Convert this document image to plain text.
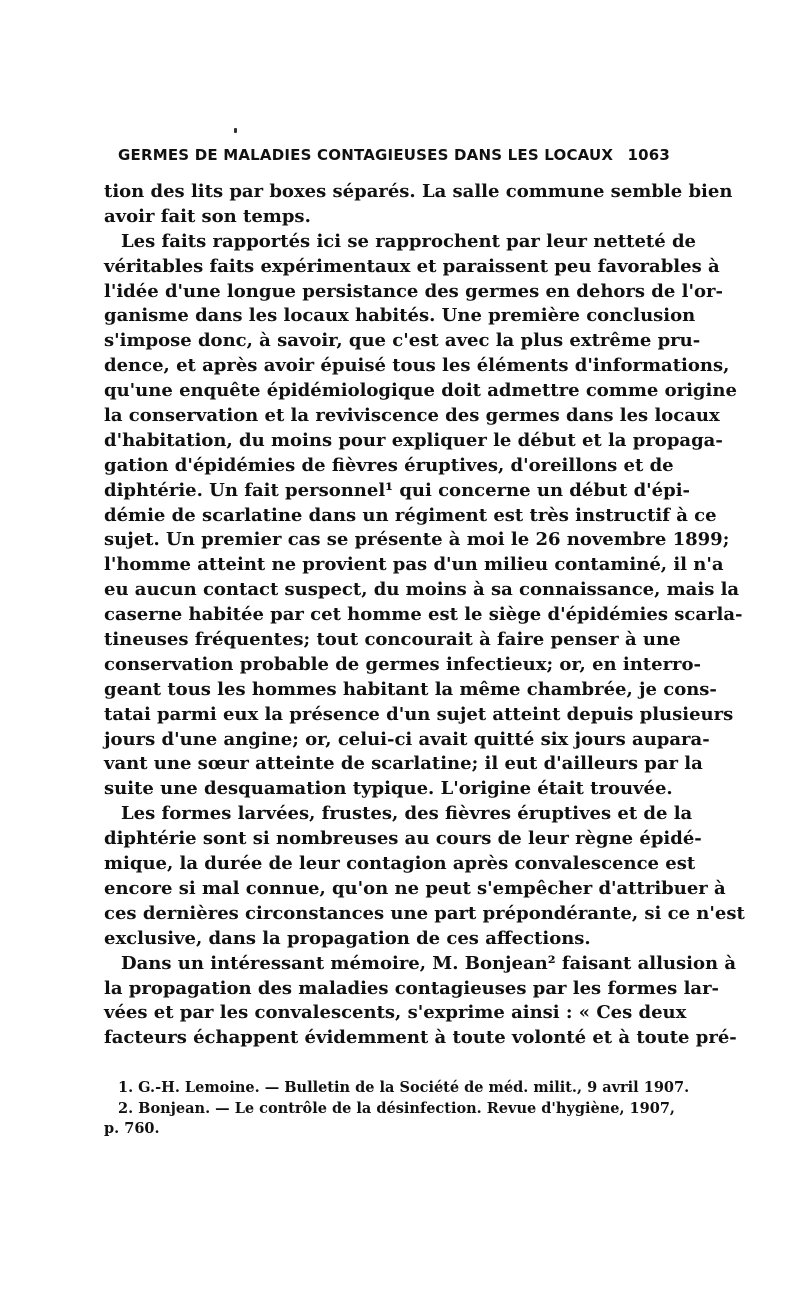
GERMES DE MALADIES CONTAGIEUSES DANS LES LOCAUX 1063
tion des lits par boxes séparés. La salle commune semble bien
avoir fait son temps.
Les faits rapportés ici se rapprochent par leur netteté de
véritables faits expérimentaux et paraissent peu favorables à
l'idée d'une longue persistance des germes en dehors de l'or-
ganisme dans les locaux habités. Une première conclusion
s'impose donc, à savoir, que c'est avec la plus extrême pru-
dence, et après avoir épuisé tous les éléments d'informations,
qu'une enquête épidémiologique doit admettre comme origine
la conservation et la reviviscence des germes dans les locaux
d'habitation, du moins pour expliquer le début et la propaga-
gation d'épidémies de fièvres éruptives, d'oreillons et de
diphtérie. Un fait personnel¹ qui concerne un début d'épi-
démie de scarlatine dans un régiment est très instructif à ce
sujet. Un premier cas se présente à moi le 26 novembre 1899;
l'homme atteint ne provient pas d'un milieu contaminé, il n'a
eu aucun contact suspect, du moins à sa connaissance, mais la
caserne habitée par cet homme est le siège d'épidémies scarla-
tineuses fréquentes; tout concourait à faire penser à une
conservation probable de germes infectieux; or, en interro-
geant tous les hommes habitant la même chambrée, je cons-
tatai parmi eux la présence d'un sujet atteint depuis plusieurs
jours d'une angine; or, celui-ci avait quitté six jours aupara-
vant une sœur atteinte de scarlatine; il eut d'ailleurs par la
suite une desquamation typique. L'origine était trouvée.
Les formes larvées, frustes, des fièvres éruptives et de la
diphtérie sont si nombreuses au cours de leur règne épidé-
mique, la durée de leur contagion après convalescence est
encore si mal connue, qu'on ne peut s'empêcher d'attribuer à
ces dernières circonstances une part prépondérante, si ce n'est
exclusive, dans la propagation de ces affections.
Dans un intéressant mémoire, M. Bonjean² faisant allusion à
la propagation des maladies contagieuses par les formes lar-
vées et par les convalescents, s'exprime ainsi : « Ces deux
facteurs échappent évidemment à toute volonté et à toute pré-
1. G.-H. Lemoine. — Bulletin de la Société de méd. milit., 9 avril 1907.
2. Bonjean. — Le contrôle de la désinfection. Revue d'hygiène, 1907,
p. 760.
